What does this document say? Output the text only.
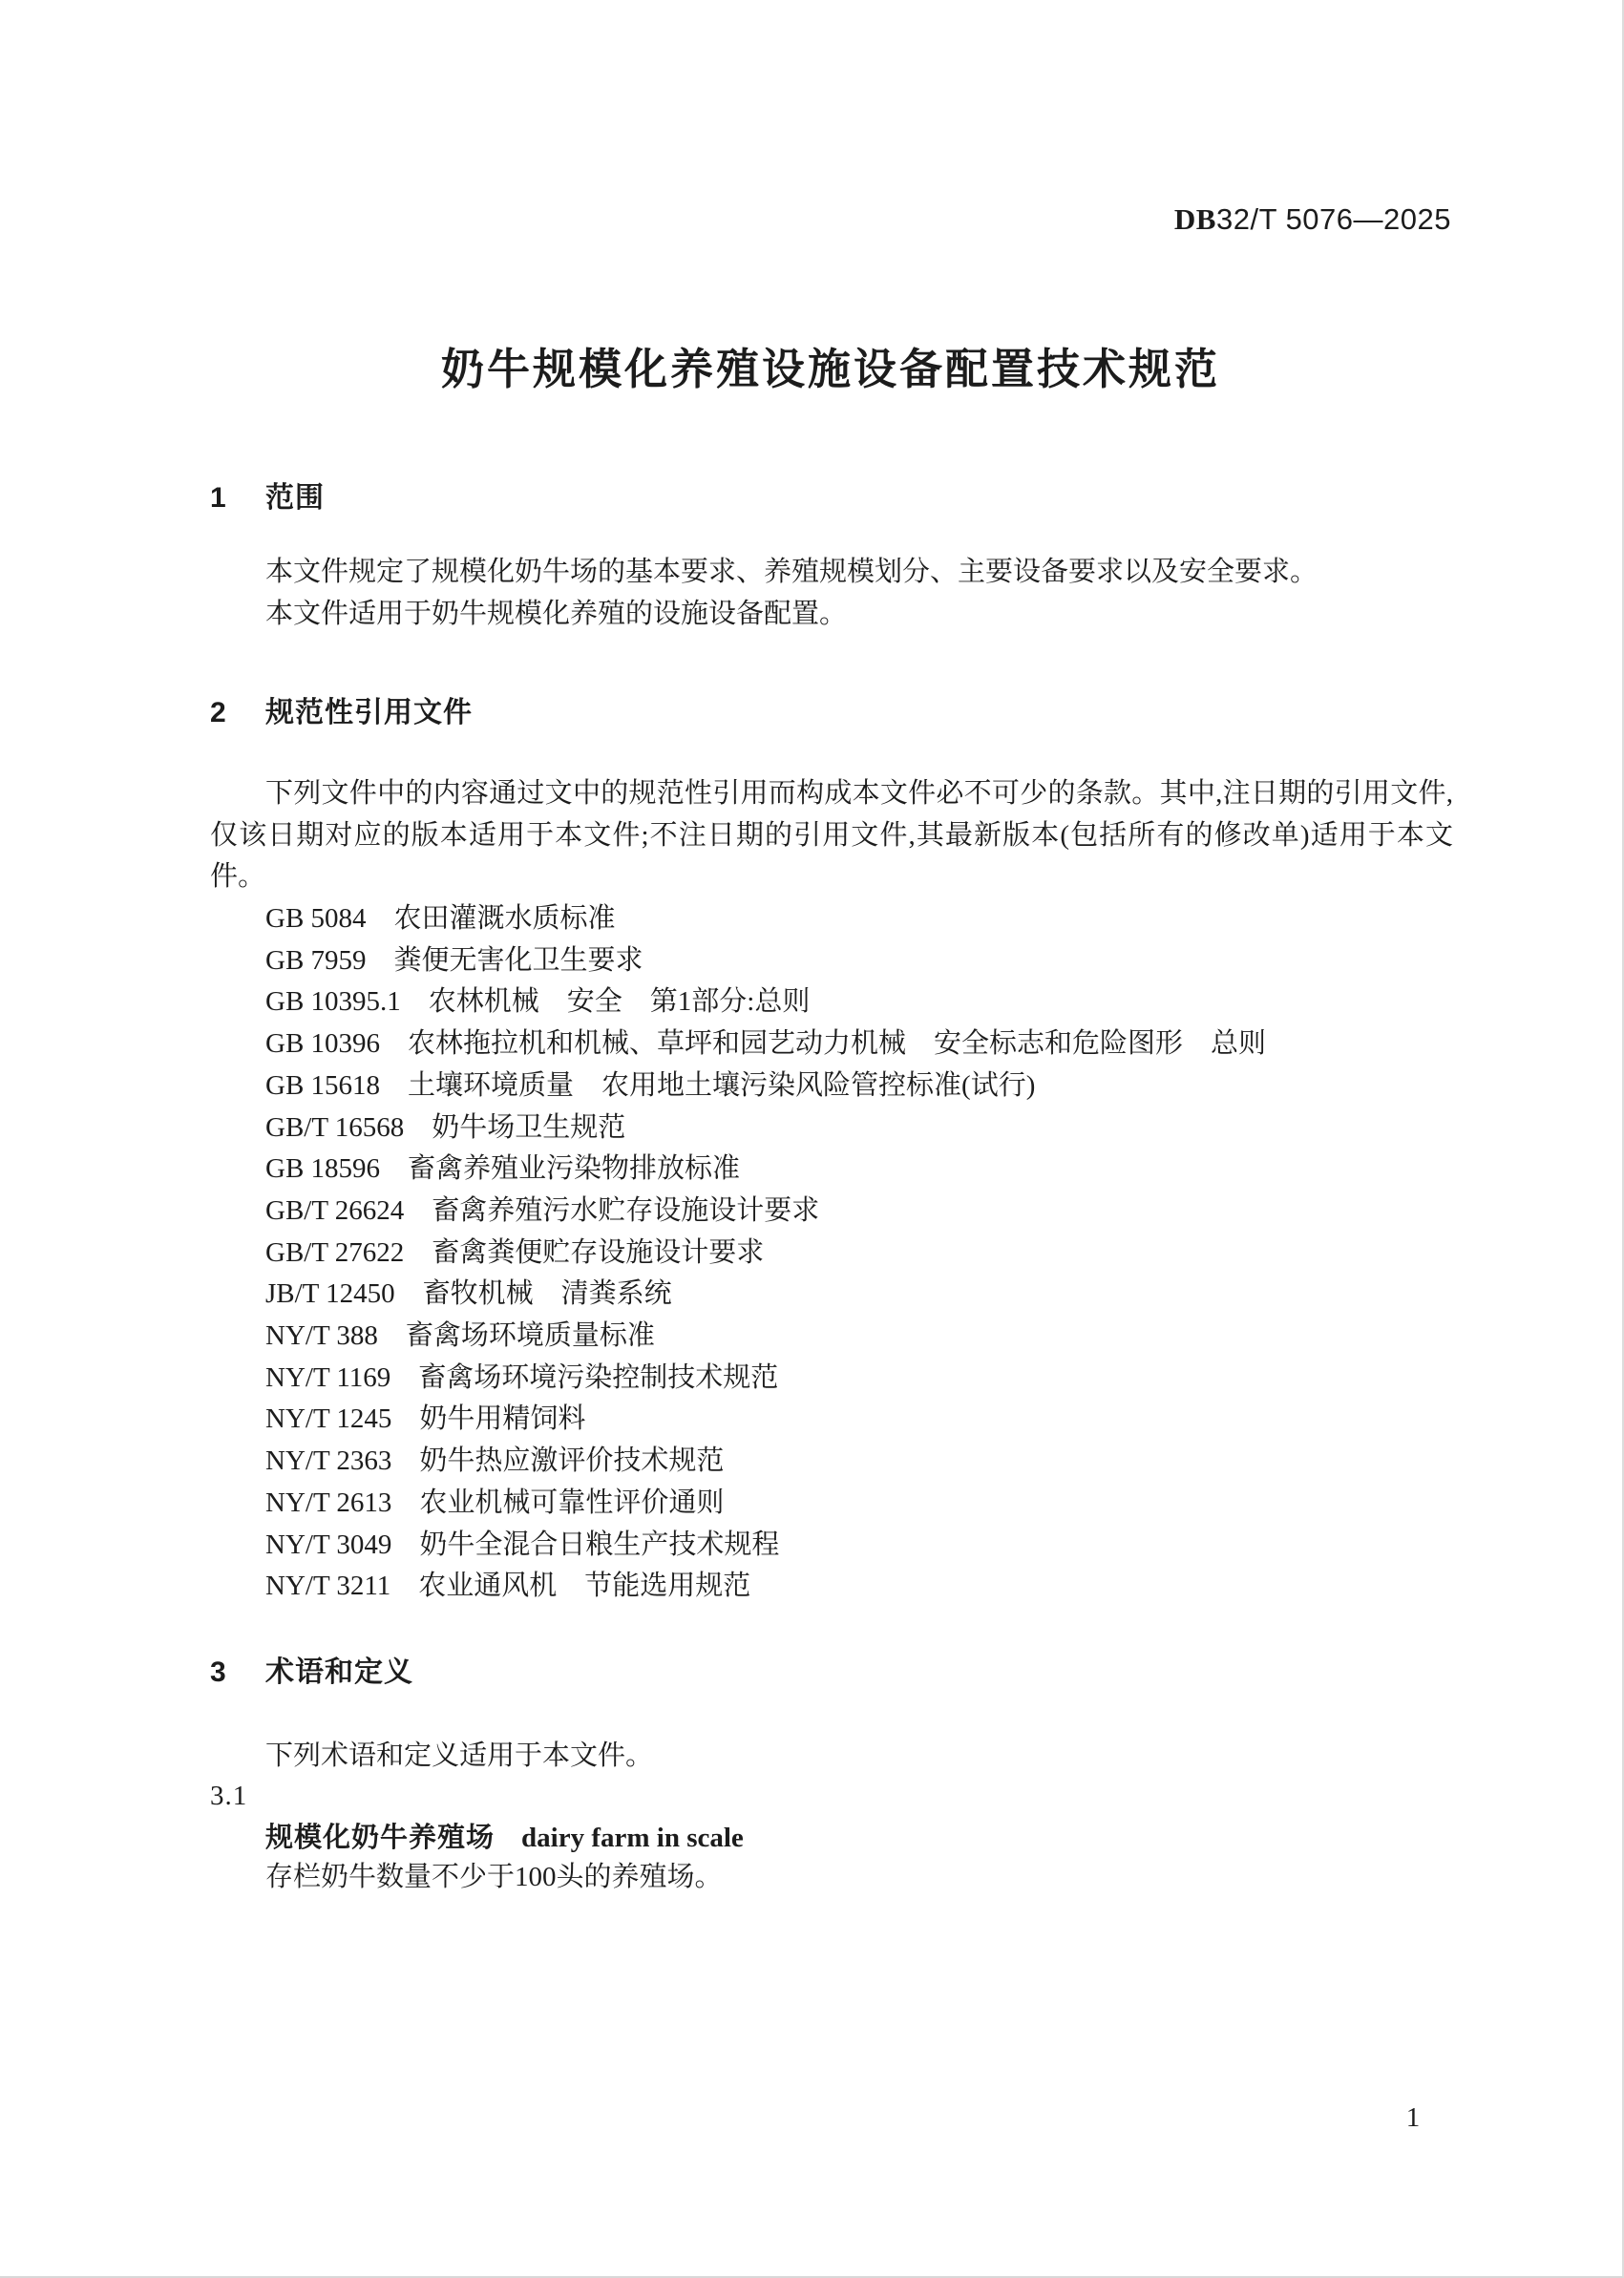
DB32/T 5076—2025
奶牛规模化养殖设施设备配置技术规范
1	范围

本文件规定了规模化奶牛场的基本要求、养殖规模划分、主要设备要求以及安全要求。

本文件适用于奶牛规模化养殖的设施设备配置。

2	规范性引用文件

下列文件中的内容通过文中的规范性引用而构成本文件必不可少的条款。其中,注日期的引用文件,仅该日期对应的版本适用于本文件;不注日期的引用文件,其最新版本(包括所有的修改单)适用于本文件。

GB 5084　农田灌溉水质标准
GB 7959　粪便无害化卫生要求
GB 10395.1　农林机械　安全　第1部分:总则
GB 10396　农林拖拉机和机械、草坪和园艺动力机械　安全标志和危险图形　总则
GB 15618　土壤环境质量　农用地土壤污染风险管控标准(试行)
GB/T 16568　奶牛场卫生规范
GB 18596　畜禽养殖业污染物排放标准
GB/T 26624　畜禽养殖污水贮存设施设计要求
GB/T 27622　畜禽粪便贮存设施设计要求
JB/T 12450　畜牧机械　清粪系统
NY/T 388　畜禽场环境质量标准
NY/T 1169　畜禽场环境污染控制技术规范
NY/T 1245　奶牛用精饲料
NY/T 2363　奶牛热应激评价技术规范
NY/T 2613　农业机械可靠性评价通则
NY/T 3049　奶牛全混合日粮生产技术规程
NY/T 3211　农业通风机　节能选用规范
3	术语和定义

下列术语和定义适用于本文件。

3.1
规模化奶牛养殖场 dairy farm in scale
存栏奶牛数量不少于100头的养殖场。
1
